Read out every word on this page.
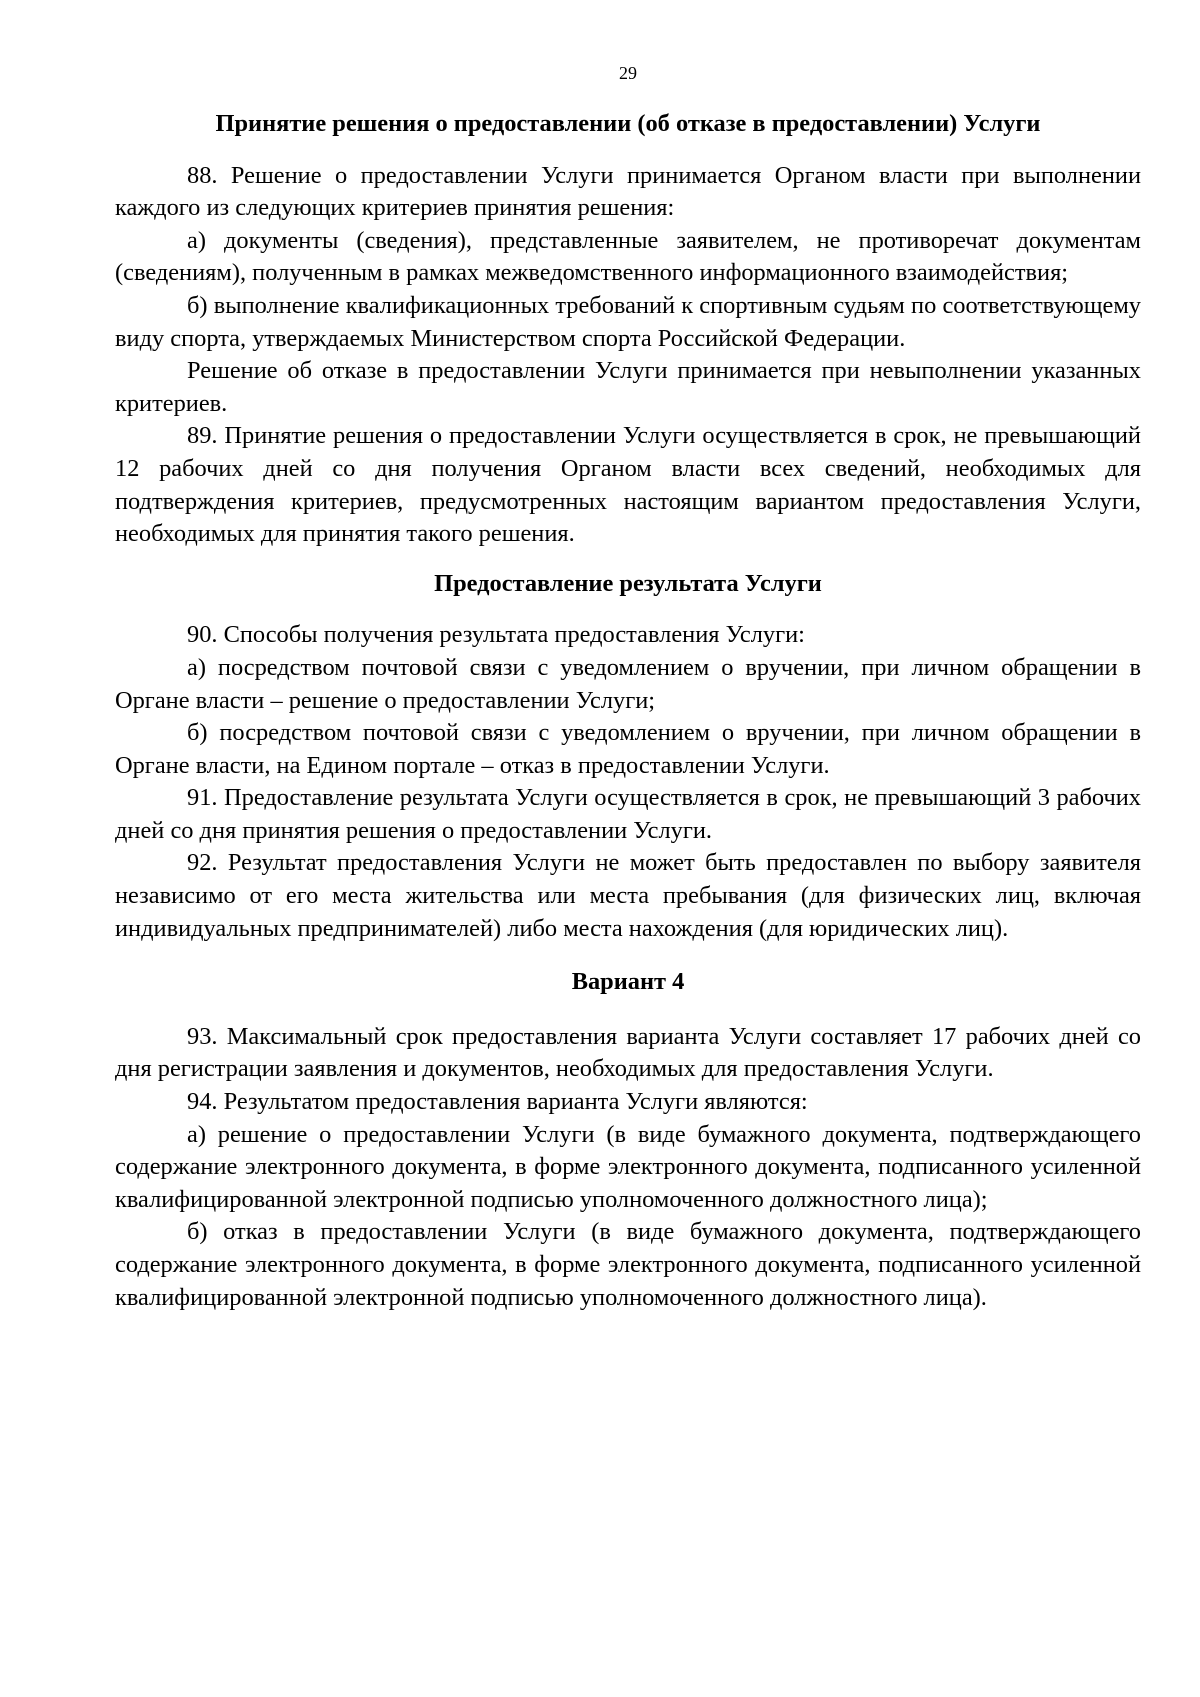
29
Принятие решения о предоставлении (об отказе в предоставлении) Услуги

88. Решение о предоставлении Услуги принимается Органом власти при выполнении каждого из следующих критериев принятия решения:

а) документы (сведения), представленные заявителем, не противоречат документам (сведениям), полученным в рамках межведомственного информационного взаимодействия;

б) выполнение квалификационных требований к спортивным судьям по соответствующему виду спорта, утверждаемых Министерством спорта Российской Федерации.

Решение об отказе в предоставлении Услуги принимается при невыполнении указанных критериев.

89. Принятие решения о предоставлении Услуги осуществляется в срок, не превышающий 12 рабочих дней со дня получения Органом власти всех сведений, необходимых для подтверждения критериев, предусмотренных настоящим вариантом предоставления Услуги, необходимых для принятия такого решения.

Предоставление результата Услуги

90. Способы получения результата предоставления Услуги:

а) посредством почтовой связи с уведомлением о вручении, при личном обращении в Органе власти – решение о предоставлении Услуги;

б) посредством почтовой связи с уведомлением о вручении, при личном обращении в Органе власти, на Едином портале – отказ в предоставлении Услуги.

91. Предоставление результата Услуги осуществляется в срок, не превышающий 3 рабочих дней со дня принятия решения о предоставлении Услуги.

92. Результат предоставления Услуги не может быть предоставлен по выбору заявителя независимо от его места жительства или места пребывания (для физических лиц, включая индивидуальных предпринимателей) либо места нахождения (для юридических лиц).

Вариант 4

93. Максимальный срок предоставления варианта Услуги составляет 17 рабочих дней со дня регистрации заявления и документов, необходимых для предоставления Услуги.

94. Результатом предоставления варианта Услуги являются:

а) решение о предоставлении Услуги (в виде бумажного документа, подтверждающего содержание электронного документа, в форме электронного документа, подписанного усиленной квалифицированной электронной подписью уполномоченного должностного лица);

б) отказ в предоставлении Услуги (в виде бумажного документа, подтверждающего содержание электронного документа, в форме электронного документа, подписанного усиленной квалифицированной электронной подписью уполномоченного должностного лица).
